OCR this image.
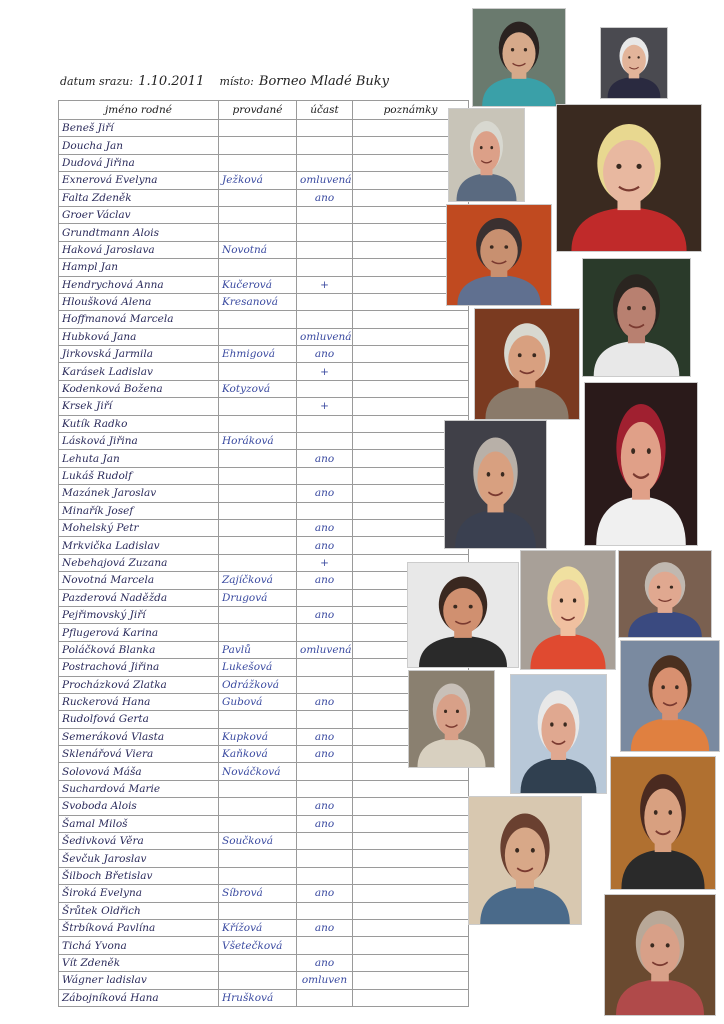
datum srazu: 1.10.2011 místo: Borneo Mladé Buky
jméno rodné	provdané	účast	poznámky
Beneš Jiří			
Doucha Jan			
Dudová Jiřina			
Exnerová Evelyna	Ježková	omluvená	
Falta Zdeněk		ano	
Groer Václav			
Grundtmann Alois			
Haková Jaroslava	Novotná		
Hampl Jan			
Hendrychová Anna	Kučerová	+	
Hloušková Alena	Kresanová		
Hoffmanová Marcela			
Hubková Jana		omluvená	
Jirkovská Jarmila	Ehmigová	ano	
Karásek Ladislav		+	
Kodenková Božena	Kotyzová		
Krsek Jiří		+	
Kutík Radko			
Lásková Jiřina	Horáková		
Lehuta Jan		ano	
Lukáš Rudolf			
Mazánek Jaroslav		ano	
Minařík Josef			
Mohelský Petr		ano	
Mrkvička Ladislav		ano	
Nebehajová Zuzana		+	
Novotná Marcela	Zajíčková	ano	
Pazderová Naděžda	Drugová		
Pejřimovský Jiří		ano	
Pflugerová Karina			
Poláčková Blanka	Pavlů	omluvená	
Postrachová Jiřina	Lukešová		
Procházková Zlatka	Odrážková		
Ruckerová Hana	Gubová	ano	
Rudolfová Gerta			
Semeráková Vlasta	Kupková	ano	
Sklenářová Viera	Kaňková	ano	
Solovová Máša	Nováčková		
Suchardová Marie			
Svoboda Alois		ano	
Šamal Miloš		ano	
Šedivková Věra	Součková		
Ševčuk Jaroslav			
Šilboch Břetislav			
Široká Evelyna	Síbrová	ano	
Šrůtek Oldřich			
Štrbíková Pavlína	Křížová	ano	
Tichá Yvona	Všetečková		
Vít Zdeněk		ano	
Wágner ladislav		omluven	
Zábojníková Hana	Hrušková		
